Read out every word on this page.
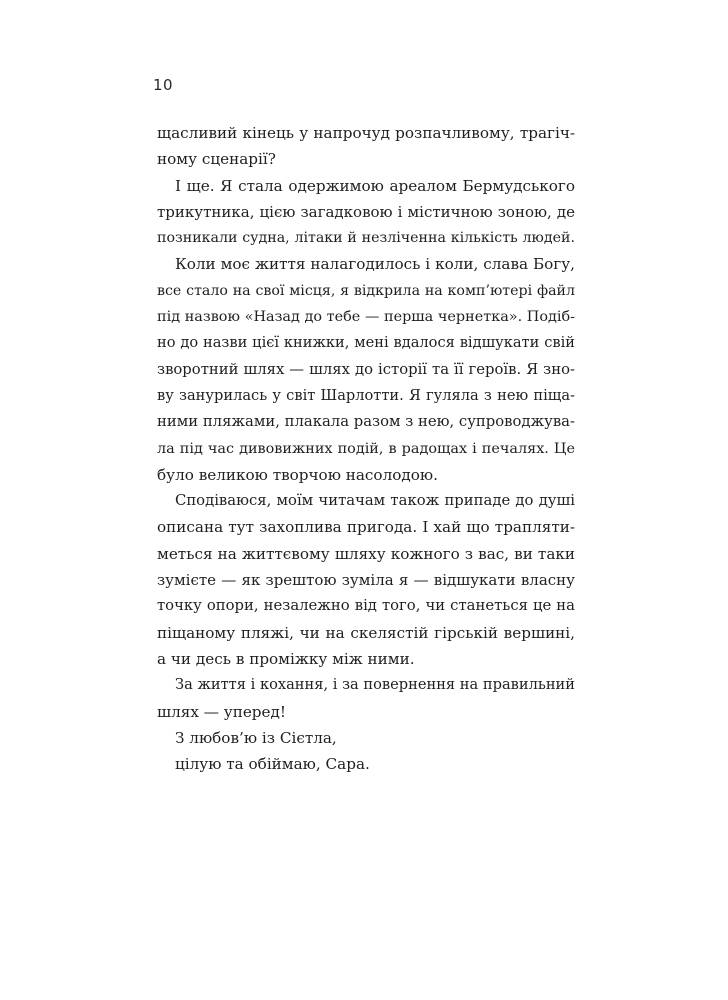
10
щасливий кінець у напрочуд розпачливому, трагіч-
ному сценарії?
І ще. Я стала одержимою ареалом Бермудського
трикутника, цією загадковою і містичною зоною, де
позникали судна, літаки й незліченна кількість людей.
Коли моє життя налагодилось і коли, слава Богу,
все стало на свої місця, я відкрила на комп’ютері файл
під назвою «Назад до тебе — перша чернетка». Подіб-
но до назви цієї книжки, мені вдалося відшукати свій
зворотний шлях — шлях до історії та її героїв. Я зно-
ву занурилась у світ Шарлотти. Я гуляла з нею піща-
ними пляжами, плакала разом з нею, супроводжува-
ла під час дивовижних подій, в радощах і печалях. Це
було великою творчою насолодою.
Сподіваюся, моїм читачам також припаде до душі
описана тут захоплива пригода. І хай що трапляти-
меться на життєвому шляху кожного з вас, ви таки
зумієте — як зрештою зуміла я — відшукати власну
точку опори, незалежно від того, чи станеться це на
піщаному пляжі, чи на скелястій гірській вершині,
а чи десь в проміжку між ними.
За життя і кохання, і за повернення на правильний
шлях — уперед!
З любов’ю із Сієтла,
цілую та обіймаю, Сара.
